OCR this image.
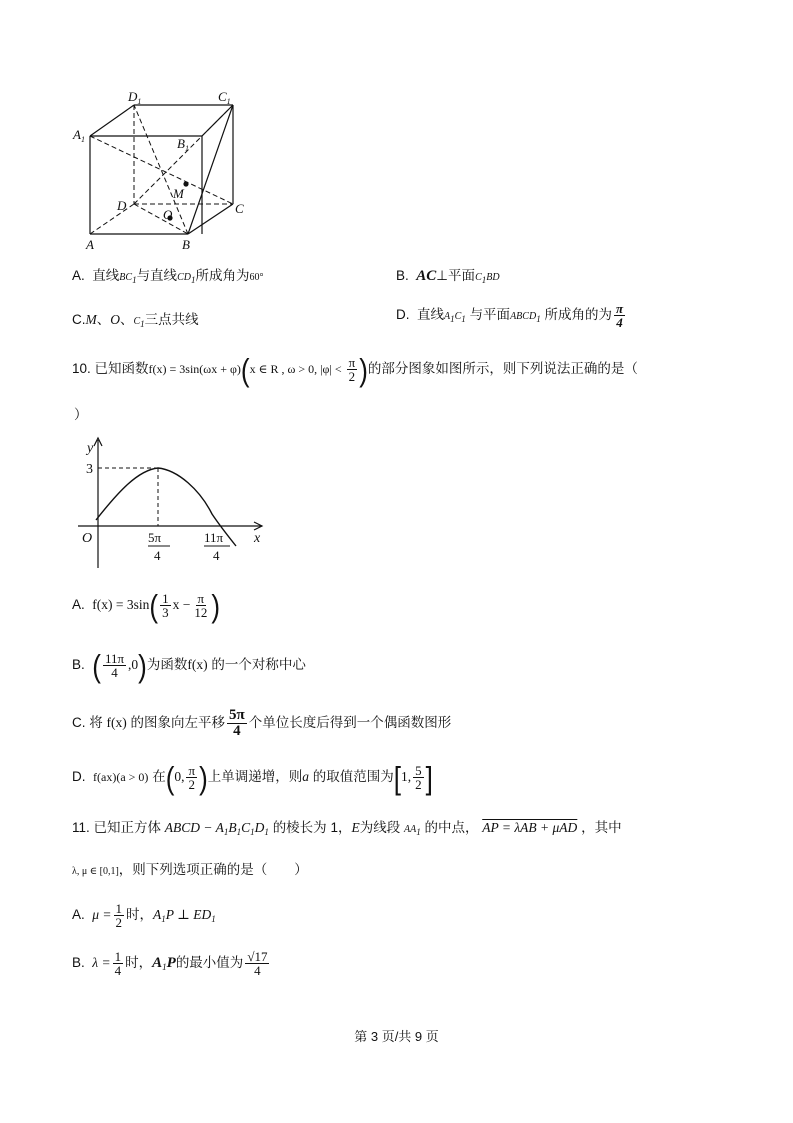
$D_1$	$C_1$
$A_1$	$B_1$
M
D
O	C
A	B
A. 直线$BC_1$与直线$CD_1$所成角为60°	B. AC⊥平面$C_1BD$
C.M、O、$C_1$三点共线	D. 直线$A_1C_1$ 与平面$ABCD_1$ 所成角的为 $\frac{\pi}{4}$
10. 已知函数f(x) = 3sin(ωx + φ)(x ∈ R , ω > 0, $|\varphi| < \frac{\pi}{2}$ )的部分图象如图所示，则下列说法正确的是（
）
y
x
O
3
5π
4
11π
4
A. $f(x) = 3\sin( \frac{1}{3}$ $x - \frac{\pi}{12}$ )
B. ( $\frac{11\pi}{4} ,0$)为函数f(x) 的一个对称中心
C. 将 f(x) 的图象向左平移 $\frac{5\pi}{4}$ 个单位长度后得到一个偶函数图形
D. f(ax)(a > 0) 在(0, $\frac{\pi}{2}$ )上单调递增，则a 的取值范围为[1, $\frac{5}{2}$ ]
11. 已知正方体 ABCD − $A_1B_1C_1D_1$ 的棱长为 1，E为线段 $AA_1$ 的中点， AP = λAB + μAD ，其中
λ, μ ∈ [0,1]，则下列选项正确的是（　　）
A. $\mu = \frac{1}{2}$ 时，$A_1P$ ⊥ $ED_1$
B. $\lambda = \frac{1}{4}$ 时，$A_1P$的最小值为 $\frac{√17}{4}$
第 3 页/共 9 页
